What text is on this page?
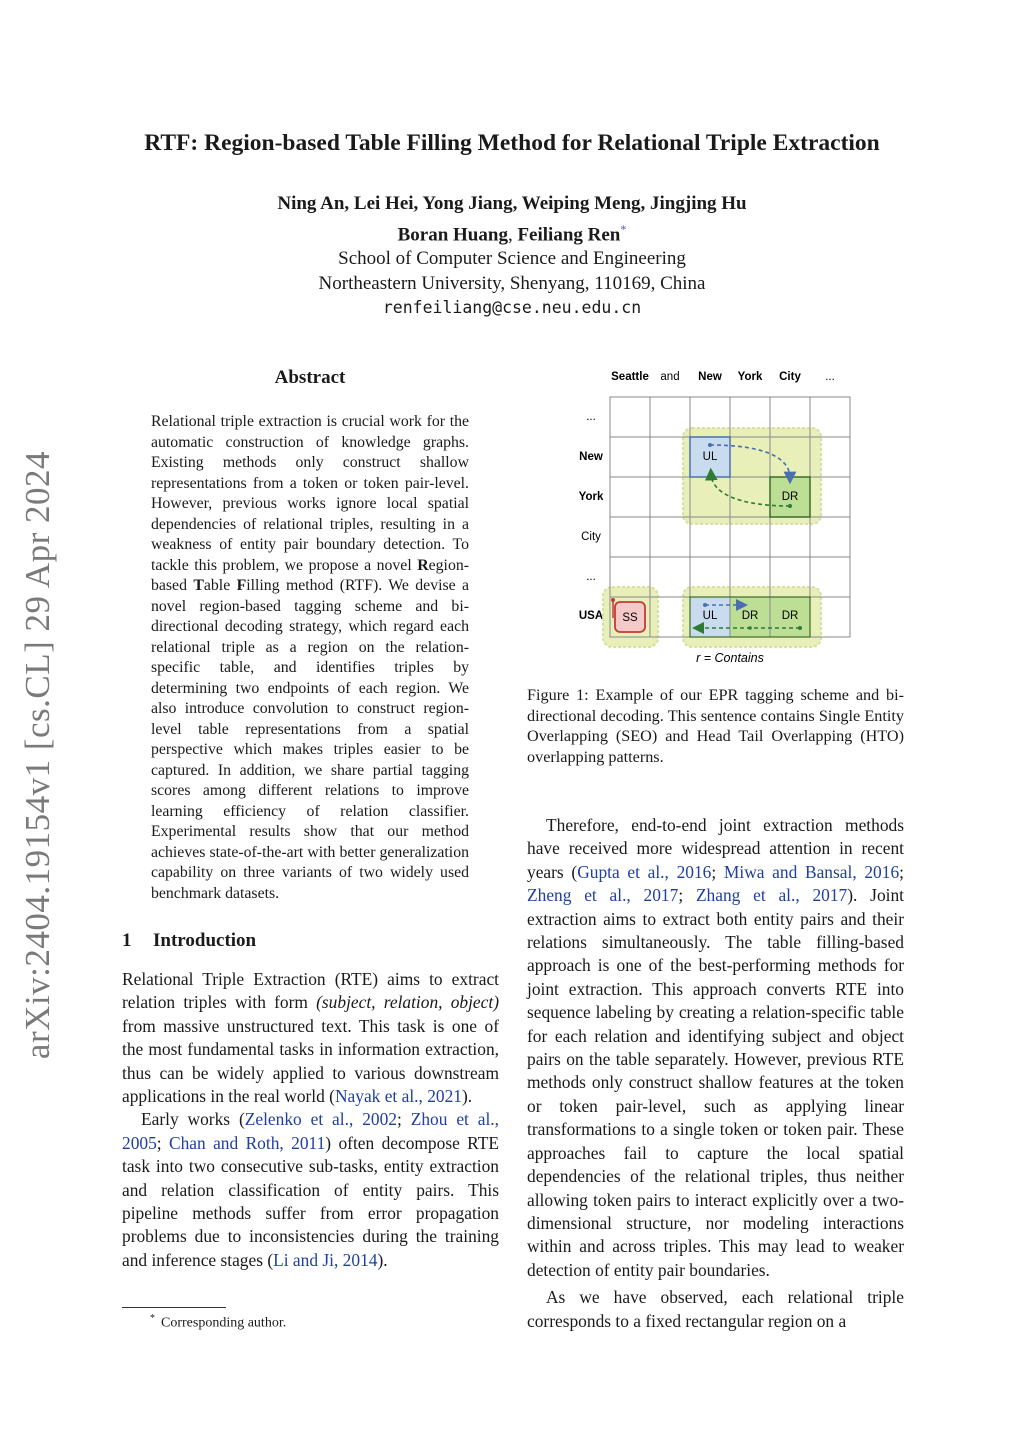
arXiv:2404.19154v1 [cs.CL] 29 Apr 2024
RTF: Region-based Table Filling Method for Relational Triple Extraction
Ning An, Lei Hei, Yong Jiang, Weiping Meng, Jingjing Hu
Boran Huang, Feiliang Ren*
School of Computer Science and Engineering
Northeastern University, Shenyang, 110169, China
renfeiliang@cse.neu.edu.cn
Abstract
Relational triple extraction is crucial work for the automatic construction of knowledge graphs. Existing methods only construct shallow representations from a token or token pair-level. However, previous works ignore local spatial dependencies of relational triples, resulting in a weakness of entity pair boundary detection. To tackle this problem, we propose a novel Region-based Table Filling method (RTF). We devise a novel region-based tagging scheme and bi-directional decoding strategy, which regard each relational triple as a region on the relation-specific table, and identifies triples by determining two endpoints of each region. We also introduce convolution to construct region-level table representations from a spatial perspective which makes triples easier to be captured. In addition, we share partial tagging scores among different relations to improve learning efficiency of relation classifier. Experimental results show that our method achieves state-of-the-art with better generalization capability on three variants of two widely used benchmark datasets.
1 Introduction

Relational Triple Extraction (RTE) aims to extract relation triples with form (subject, relation, object) from massive unstructured text. This task is one of the most fundamental tasks in information extraction, thus can be widely applied to various downstream applications in the real world (Nayak et al., 2021).

Early works (Zelenko et al., 2002; Zhou et al., 2005; Chan and Roth, 2011) often decompose RTE task into two consecutive sub-tasks, entity extraction and relation classification of entity pairs. This pipeline methods suffer from error propagation problems due to inconsistencies during the training and inference stages (Li and Ji, 2014).

* Corresponding author.
Seattle and New York City ...
...
New
York
City
...
USA SS
UL
DR
UL DR DR
r = Contains
Figure 1: Example of our EPR tagging scheme and bi-directional decoding. This sentence contains Single Entity Overlapping (SEO) and Head Tail Overlapping (HTO) overlapping patterns.

Therefore, end-to-end joint extraction methods have received more widespread attention in recent years (Gupta et al., 2016; Miwa and Bansal, 2016; Zheng et al., 2017; Zhang et al., 2017). Joint extraction aims to extract both entity pairs and their relations simultaneously. The table filling-based approach is one of the best-performing methods for joint extraction. This approach converts RTE into sequence labeling by creating a relation-specific table for each relation and identifying subject and object pairs on the table separately. However, previous RTE methods only construct shallow features at the token or token pair-level, such as applying linear transformations to a single token or token pair. These approaches fail to capture the local spatial dependencies of the relational triples, thus neither allowing token pairs to interact explicitly over a two-dimensional structure, nor modeling interactions within and across triples. This may lead to weaker detection of entity pair boundaries.

As we have observed, each relational triple corresponds to a fixed rectangular region on a
